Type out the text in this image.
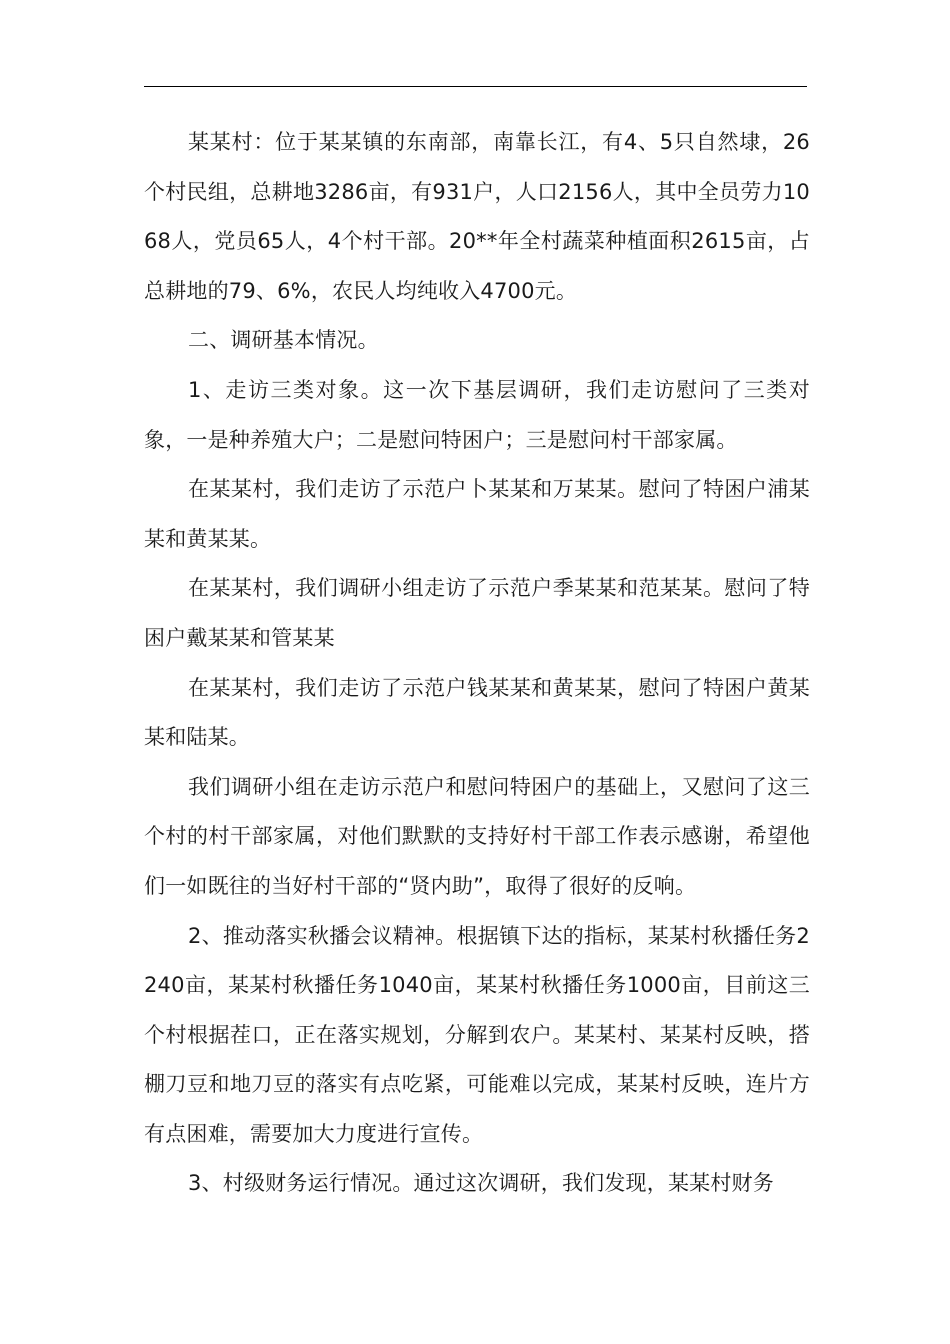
某某村：位于某某镇的东南部，南靠长江，有4、5只自然埭，26个村民组，总耕地3286亩，有931户，人口2156人，其中全员劳力1068人，党员65人，4个村干部。20**年全村蔬菜种植面积2615亩，占总耕地的79、6%，农民人均纯收入4700元。

二、调研基本情况。

1、走访三类对象。这一次下基层调研，我们走访慰问了三类对象，一是种养殖大户；二是慰问特困户；三是慰问村干部家属。

在某某村，我们走访了示范户卜某某和万某某。慰问了特困户浦某某和黄某某。

在某某村，我们调研小组走访了示范户季某某和范某某。慰问了特困户戴某某和管某某

在某某村，我们走访了示范户钱某某和黄某某，慰问了特困户黄某某和陆某。

我们调研小组在走访示范户和慰问特困户的基础上，又慰问了这三个村的村干部家属，对他们默默的支持好村干部工作表示感谢，希望他们一如既往的当好村干部的“贤内助”，取得了很好的反响。

2、推动落实秋播会议精神。根据镇下达的指标，某某村秋播任务2240亩，某某村秋播任务1040亩，某某村秋播任务1000亩，目前这三个村根据茬口，正在落实规划，分解到农户。某某村、某某村反映，搭棚刀豆和地刀豆的落实有点吃紧，可能难以完成，某某村反映，连片方有点困难，需要加大力度进行宣传。

3、村级财务运行情况。通过这次调研，我们发现，某某村财务
